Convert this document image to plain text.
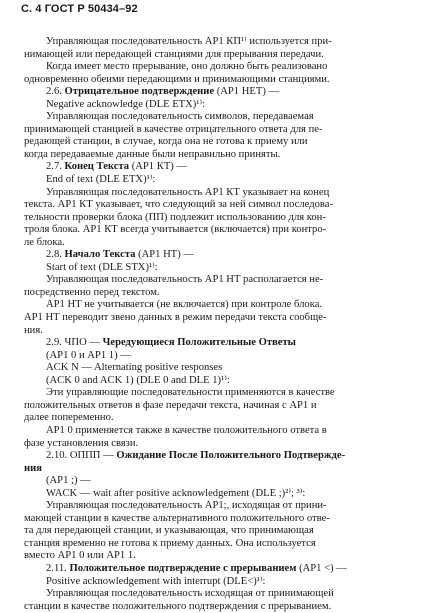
С. 4 ГОСТ Р 50434–92

Управляющая последовательность AP1 КП¹⁾ используется при-

нимающей или передающей станциями для прерывания передачи.

Когда имеет место прерывание, оно должно быть реализовано

одновременно обеими передающими и принимающими станциями.

2.6. Отрицательное подтверждение (AP1 НЕТ) —

Negative acknowledge (DLE ETX)¹⁾:

Управляющая последовательность символов, передаваемая

принимающей станцией в качестве отрицательного ответа для пе-

редающей станции, в случае, когда она не готова к приему или

когда передаваемые данные были неправильно приняты.

2.7. Конец Текста (AP1 КТ) —

End of text (DLE ETX)¹⁾:

Управляющая последовательность AP1 КТ указывает на конец

текста. AP1 КТ указывает, что следующий за ней символ последова-

тельности проверки блока (ПП) подлежит использованию для кон-

троля блока. AP1 КТ всегда учитывается (включается) при контро-

ле блока.

2.8. Начало Текста (AP1 НТ) —

Start of text (DLE STX)¹⁾:

Управляющая последовательность AP1 НТ располагается не-

посредственно перед текстом.

AP1 НТ не учитывается (не включается) при контроле блока.

AP1 НТ переводит звено данных в режим передачи текста сообще-

ния.

2.9. ЧПО — Чередующиеся Положительные Ответы

(AP1 0 и AP1 1) —

ACK N — Alternating positive responses

(ACK 0 and ACK 1) (DLE 0 and DLE 1)¹⁾:

Эти управляющие последовательности применяются в качестве

положительных ответов в фазе передачи текста, начиная с AP1 и

далее попеременно.

AP1 0 применяется также в качестве положительного ответа в

фазе установления связи.

2.10. ОППП — Ожидание После Положительного Подтвержде-

ния

(AP1 ;) —

WACK — wait after positive acknowledgement (DLE ;)²⁾; ³⁾:

Управляющая последовательность AP1;, исходящая от прини-

мающей станции в качестве альтернативного положительного отве-

та для передающей станции, и указывающая, что принимающая

станция временно не готова к приему данных. Она используется

вместо AP1 0 или AP1 1.

2.11. Положительное подтверждение с прерыванием (AP1 <) —

Positive acknowledgement with interrupt (DLE<)¹⁾:

Управляющая последовательность исходящая от принимающей

станции в качестве положительного подтверждения с прерыванием.
